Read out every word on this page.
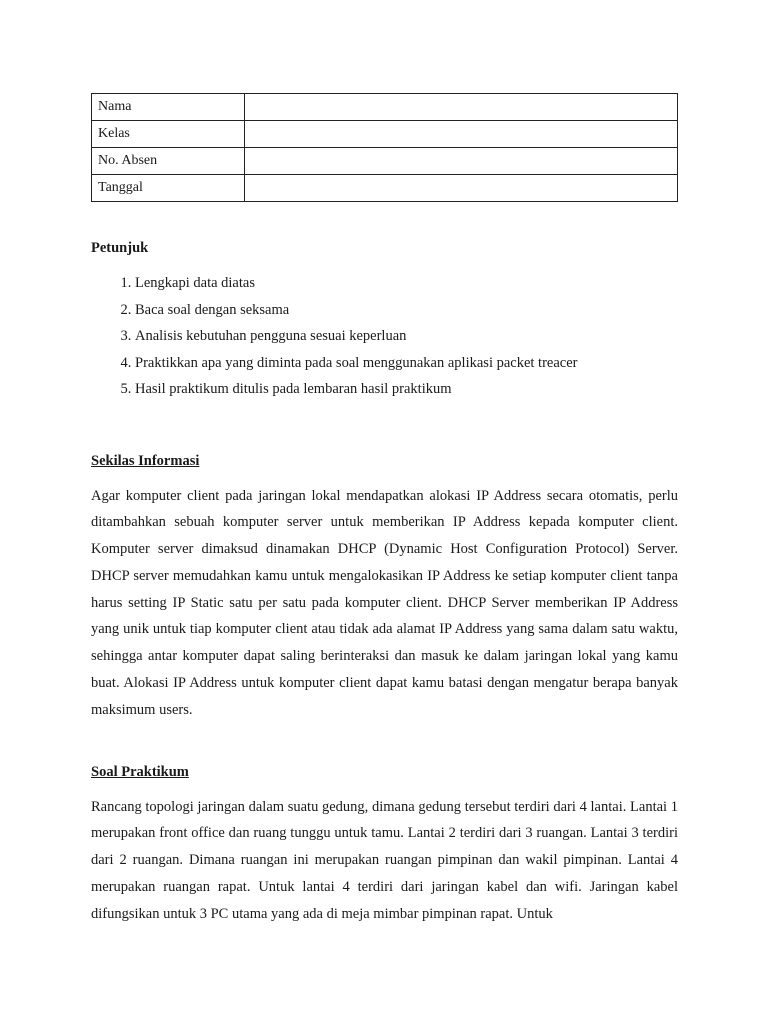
Nama	
Kelas	
No. Absen	
Tanggal	
Petunjuk
1. Lengkapi data diatas
2. Baca soal dengan seksama
3. Analisis kebutuhan pengguna sesuai keperluan
4. Praktikkan apa yang diminta pada soal menggunakan aplikasi packet treacer
5. Hasil praktikum ditulis pada lembaran hasil praktikum
Sekilas Informasi

Agar komputer client pada jaringan lokal mendapatkan alokasi IP Address secara otomatis, perlu ditambahkan sebuah komputer server untuk memberikan IP Address kepada komputer client. Komputer server dimaksud dinamakan DHCP (Dynamic Host Configuration Protocol) Server. DHCP server memudahkan kamu untuk mengalokasikan IP Address ke setiap komputer client tanpa harus setting IP Static satu per satu pada komputer client. DHCP Server memberikan IP Address yang unik untuk tiap komputer client atau tidak ada alamat IP Address yang sama dalam satu waktu, sehingga antar komputer dapat saling berinteraksi dan masuk ke dalam jaringan lokal yang kamu buat. Alokasi IP Address untuk komputer client dapat kamu batasi dengan mengatur berapa banyak maksimum users.

Soal Praktikum

Rancang topologi jaringan dalam suatu gedung, dimana gedung tersebut terdiri dari 4 lantai. Lantai 1 merupakan front office dan ruang tunggu untuk tamu. Lantai 2 terdiri dari 3 ruangan. Lantai 3 terdiri dari 2 ruangan. Dimana ruangan ini merupakan ruangan pimpinan dan wakil pimpinan. Lantai 4 merupakan ruangan rapat. Untuk lantai 4 terdiri dari jaringan kabel dan wifi. Jaringan kabel difungsikan untuk 3 PC utama yang ada di meja mimbar pimpinan rapat. Untuk
